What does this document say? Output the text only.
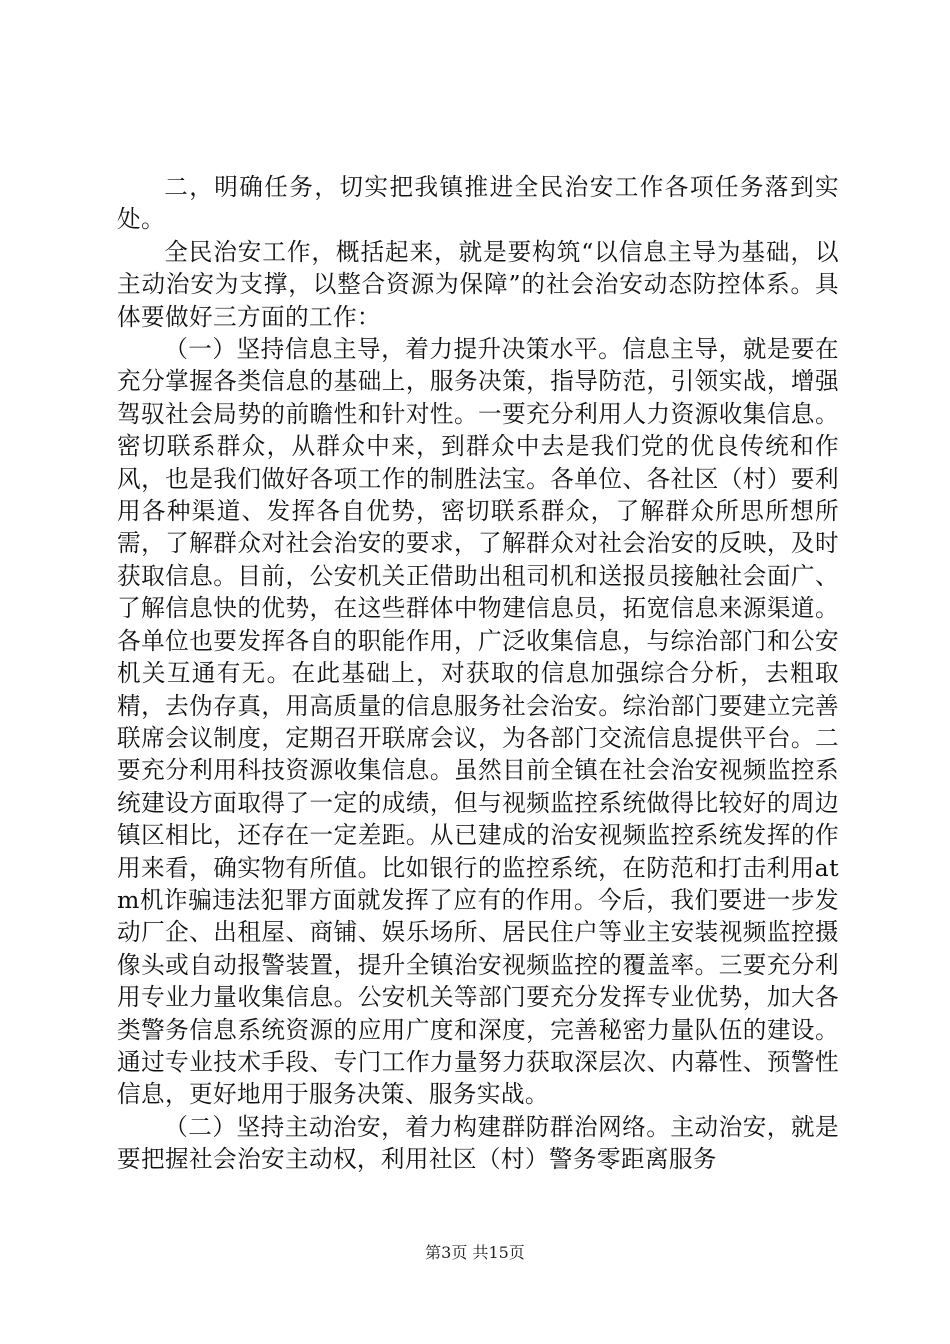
二，明确任务，切实把我镇推进全民治安工作各项任务落到实处。

全民治安工作，概括起来，就是要构筑“以信息主导为基础，以主动治安为支撑，以整合资源为保障”的社会治安动态防控体系。具体要做好三方面的工作：

（一）坚持信息主导，着力提升决策水平。信息主导，就是要在充分掌握各类信息的基础上，服务决策，指导防范，引领实战，增强驾驭社会局势的前瞻性和针对性。一要充分利用人力资源收集信息。密切联系群众，从群众中来，到群众中去是我们党的优良传统和作风，也是我们做好各项工作的制胜法宝。各单位、各社区（村）要利用各种渠道、发挥各自优势，密切联系群众，了解群众所思所想所需，了解群众对社会治安的要求，了解群众对社会治安的反映，及时获取信息。目前，公安机关正借助出租司机和送报员接触社会面广、了解信息快的优势，在这些群体中物建信息员，拓宽信息来源渠道。各单位也要发挥各自的职能作用，广泛收集信息，与综治部门和公安机关互通有无。在此基础上，对获取的信息加强综合分析，去粗取精，去伪存真，用高质量的信息服务社会治安。综治部门要建立完善联席会议制度，定期召开联席会议，为各部门交流信息提供平台。二要充分利用科技资源收集信息。虽然目前全镇在社会治安视频监控系统建设方面取得了一定的成绩，但与视频监控系统做得比较好的周边镇区相比，还存在一定差距。从已建成的治安视频监控系统发挥的作用来看，确实物有所值。比如银行的监控系统，在防范和打击利用atm机诈骗违法犯罪方面就发挥了应有的作用。今后，我们要进一步发动厂企、出租屋、商铺、娱乐场所、居民住户等业主安装视频监控摄像头或自动报警装置，提升全镇治安视频监控的覆盖率。三要充分利用专业力量收集信息。公安机关等部门要充分发挥专业优势，加大各类警务信息系统资源的应用广度和深度，完善秘密力量队伍的建设。通过专业技术手段、专门工作力量努力获取深层次、内幕性、预警性信息，更好地用于服务决策、服务实战。

（二）坚持主动治安，着力构建群防群治网络。主动治安，就是要把握社会治安主动权，利用社区（村）警务零距离服务

第3页 共15页
